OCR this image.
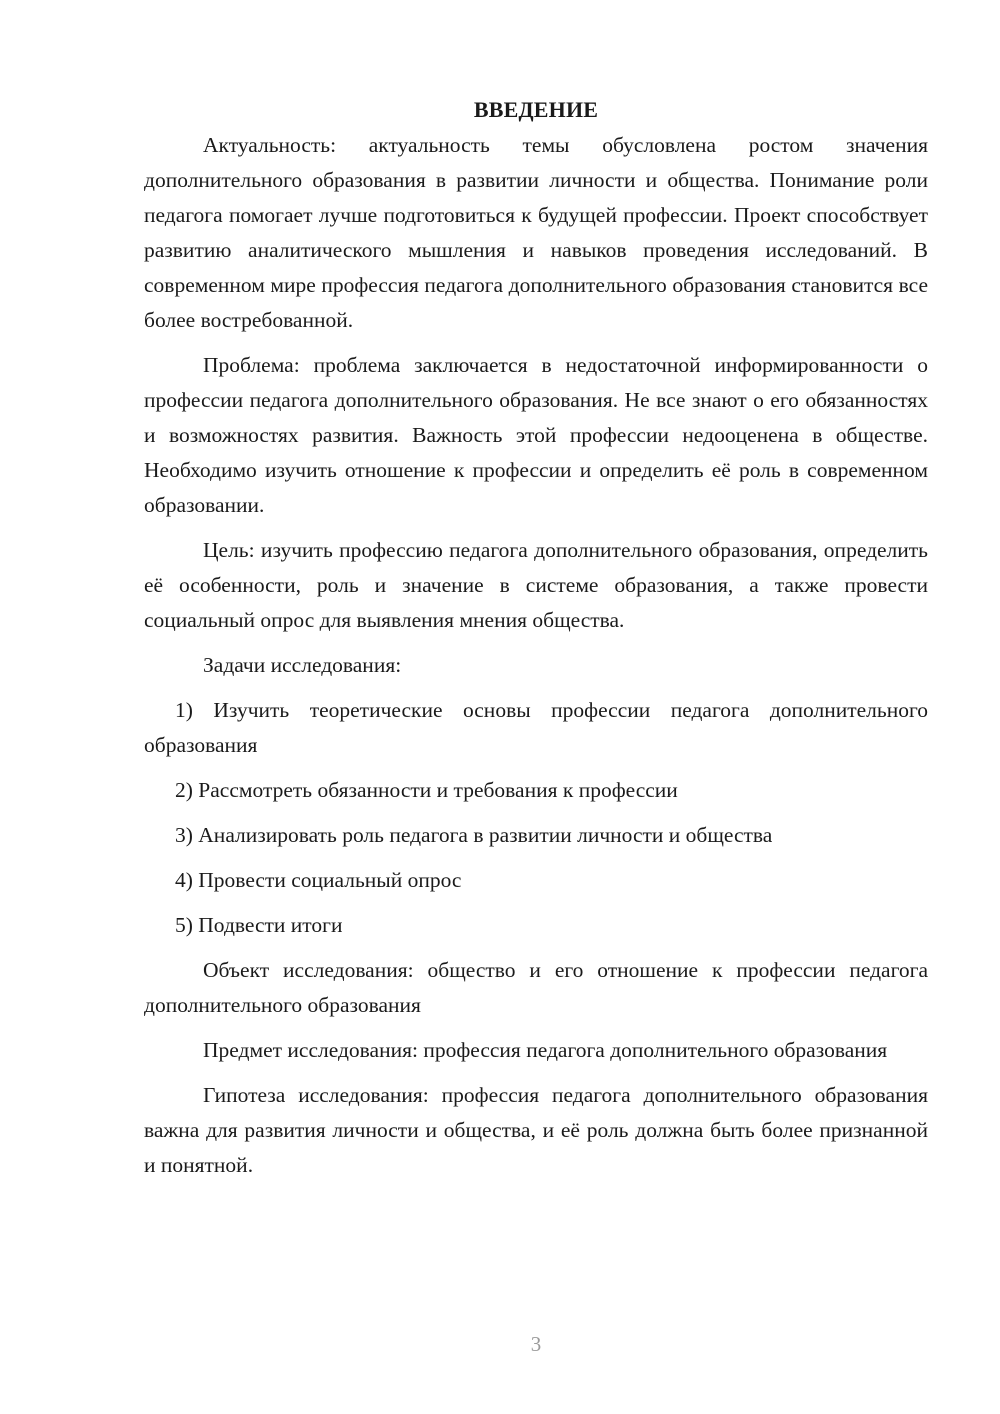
ВВЕДЕНИЕ

Актуальность: актуальность темы обусловлена ростом значения дополнительного образования в развитии личности и общества. Понимание роли педагога помогает лучше подготовиться к будущей профессии. Проект способствует развитию аналитического мышления и навыков проведения исследований. В современном мире профессия педагога дополнительного образования становится все более востребованной.

Проблема: проблема заключается в недостаточной информированности о профессии педагога дополнительного образования. Не все знают о его обязанностях и возможностях развития. Важность этой профессии недооценена в обществе. Необходимо изучить отношение к профессии и определить её роль в современном образовании.

Цель: изучить профессию педагога дополнительного образования, определить её особенности, роль и значение в системе образования, а также провести социальный опрос для выявления мнения общества.

Задачи исследования:

1) Изучить теоретические основы профессии педагога дополнительного образования

2) Рассмотреть обязанности и требования к профессии

3) Анализировать роль педагога в развитии личности и общества

4) Провести социальный опрос

5) Подвести итоги

Объект исследования: общество и его отношение к профессии педагога дополнительного образования

Предмет исследования: профессия педагога дополнительного образования

Гипотеза исследования: профессия педагога дополнительного образования важна для развития личности и общества, и её роль должна быть более признанной и понятной.

3
